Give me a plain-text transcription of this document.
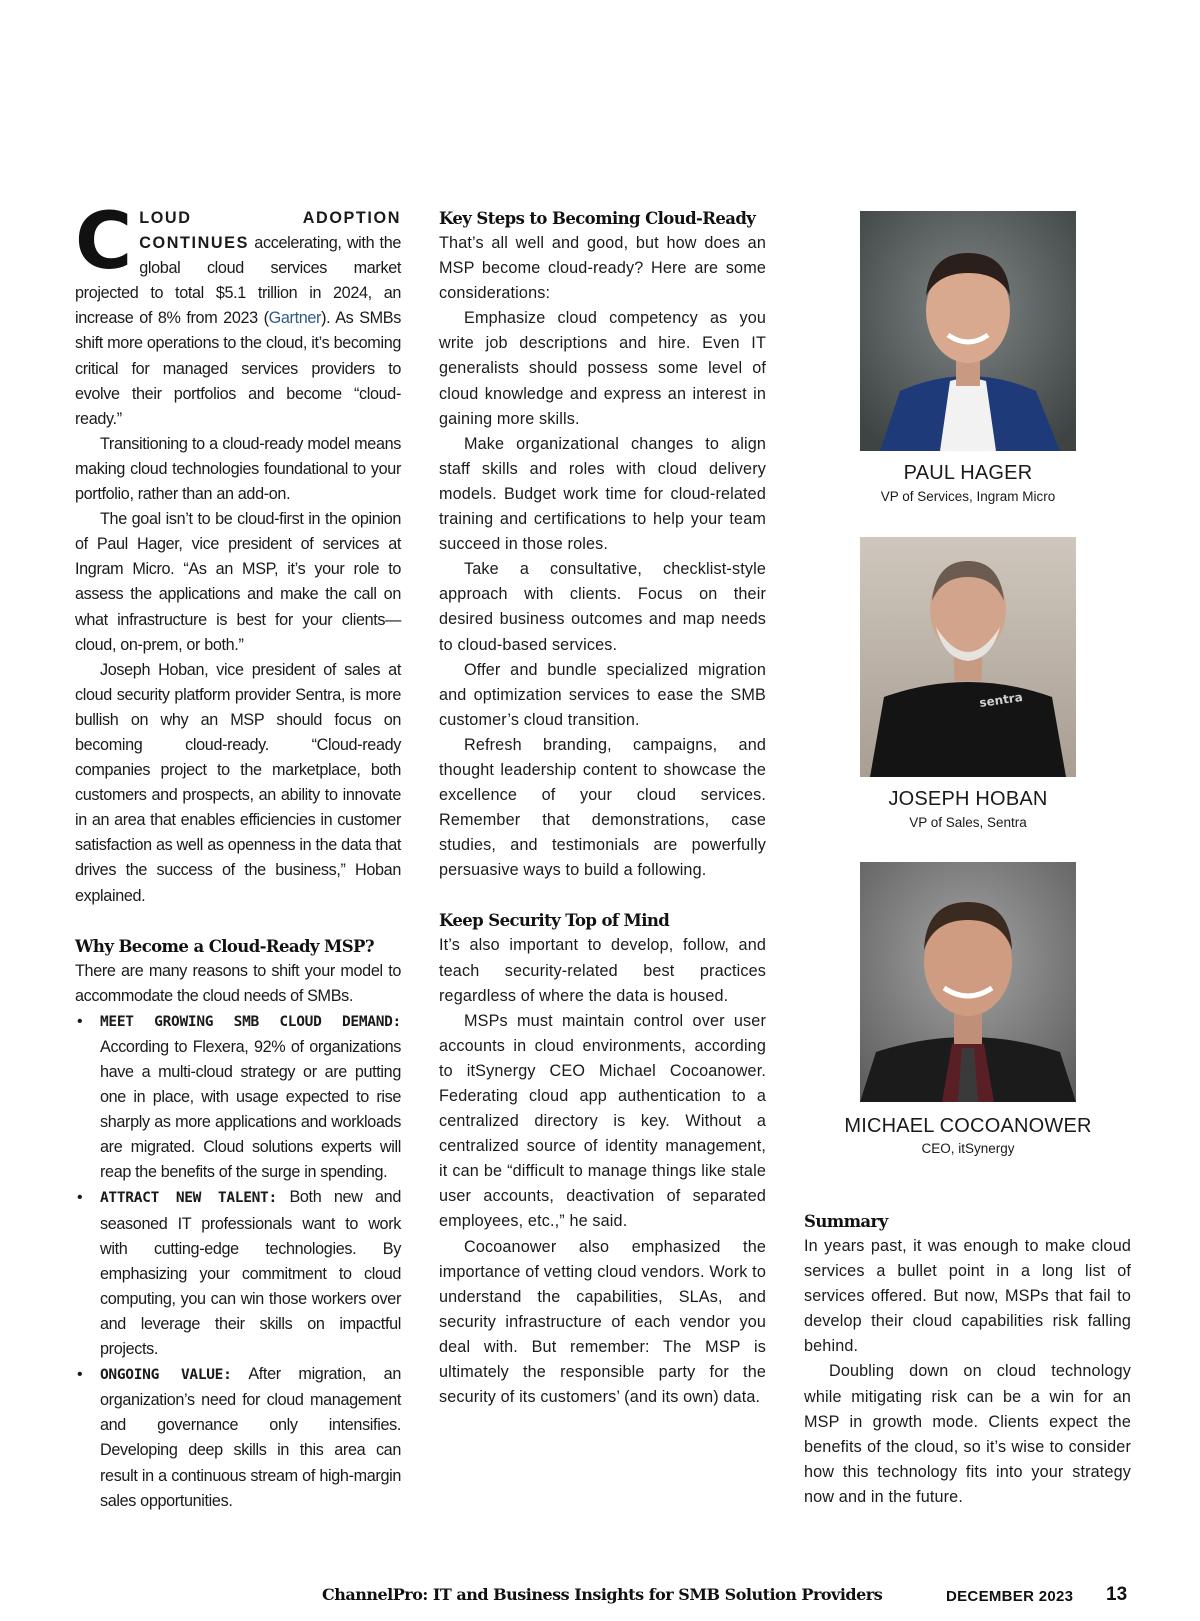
C LOUD ADOPTION CONTINUES accelerating, with the global cloud services market projected to total $5.1 trillion in 2024, an increase of 8% from 2023 (Gartner). As SMBs shift more operations to the cloud, it’s becoming critical for managed services providers to evolve their portfolios and become “cloud-ready.”

Transitioning to a cloud-ready model means making cloud technologies foundational to your portfolio, rather than an add-on.

The goal isn’t to be cloud-first in the opinion of Paul Hager, vice president of services at Ingram Micro. “As an MSP, it’s your role to assess the applications and make the call on what infrastructure is best for your clients—cloud, on-prem, or both.”

Joseph Hoban, vice president of sales at cloud security platform provider Sentra, is more bullish on why an MSP should focus on becoming cloud-ready. “Cloud-ready companies project to the marketplace, both customers and prospects, an ability to innovate in an area that enables efficiencies in customer satisfaction as well as openness in the data that drives the success of the business,” Hoban explained.

Why Become a Cloud-Ready MSP?

There are many reasons to shift your model to accommodate the cloud needs of SMBs.

• MEET GROWING SMB CLOUD DEMAND: According to Flexera, 92% of organizations have a multi-cloud strategy or are putting one in place, with usage expected to rise sharply as more applications and workloads are migrated. Cloud solutions experts will reap the benefits of the surge in spending.

• ATTRACT NEW TALENT: Both new and seasoned IT professionals want to work with cutting-edge technologies. By emphasizing your commitment to cloud computing, you can win those workers over and leverage their skills on impactful projects.

• ONGOING VALUE: After migration, an organization’s need for cloud management and governance only intensifies. Developing deep skills in this area can result in a continuous stream of high-margin sales opportunities.

Key Steps to Becoming Cloud-Ready

That’s all well and good, but how does an MSP become cloud-ready? Here are some considerations:

Emphasize cloud competency as you write job descriptions and hire. Even IT generalists should possess some level of cloud knowledge and express an interest in gaining more skills.

Make organizational changes to align staff skills and roles with cloud delivery models. Budget work time for cloud-related training and certifications to help your team succeed in those roles.

Take a consultative, checklist-style approach with clients. Focus on their desired business outcomes and map needs to cloud-based services.

Offer and bundle specialized migration and optimization services to ease the SMB customer’s cloud transition.

Refresh branding, campaigns, and thought leadership content to showcase the excellence of your cloud services. Remember that demonstrations, case studies, and testimonials are powerfully persuasive ways to build a following.

Keep Security Top of Mind

It’s also important to develop, follow, and teach security-related best practices regardless of where the data is housed.

MSPs must maintain control over user accounts in cloud environments, according to itSynergy CEO Michael Cocoanower. Federating cloud app authentication to a centralized directory is key. Without a centralized source of identity management, it can be “difficult to manage things like stale user accounts, deactivation of separated employees, etc.,” he said.

Cocoanower also emphasized the importance of vetting cloud vendors. Work to understand the capabilities, SLAs, and security infrastructure of each vendor you deal with. But remember: The MSP is ultimately the responsible party for the security of its customers’ (and its own) data.

PAUL HAGER
VP of Services, Ingram Micro
sentra
JOSEPH HOBAN
VP of Sales, Sentra
MICHAEL COCOANOWER
CEO, itSynergy
Summary

In years past, it was enough to make cloud services a bullet point in a long list of services offered. But now, MSPs that fail to develop their cloud capabilities risk falling behind.

Doubling down on cloud technology while mitigating risk can be a win for an MSP in growth mode. Clients expect the benefits of the cloud, so it’s wise to consider how this technology fits into your strategy now and in the future.

ChannelPro: IT and Business Insights for SMB Solution Providers	DECEMBER 2023 13
